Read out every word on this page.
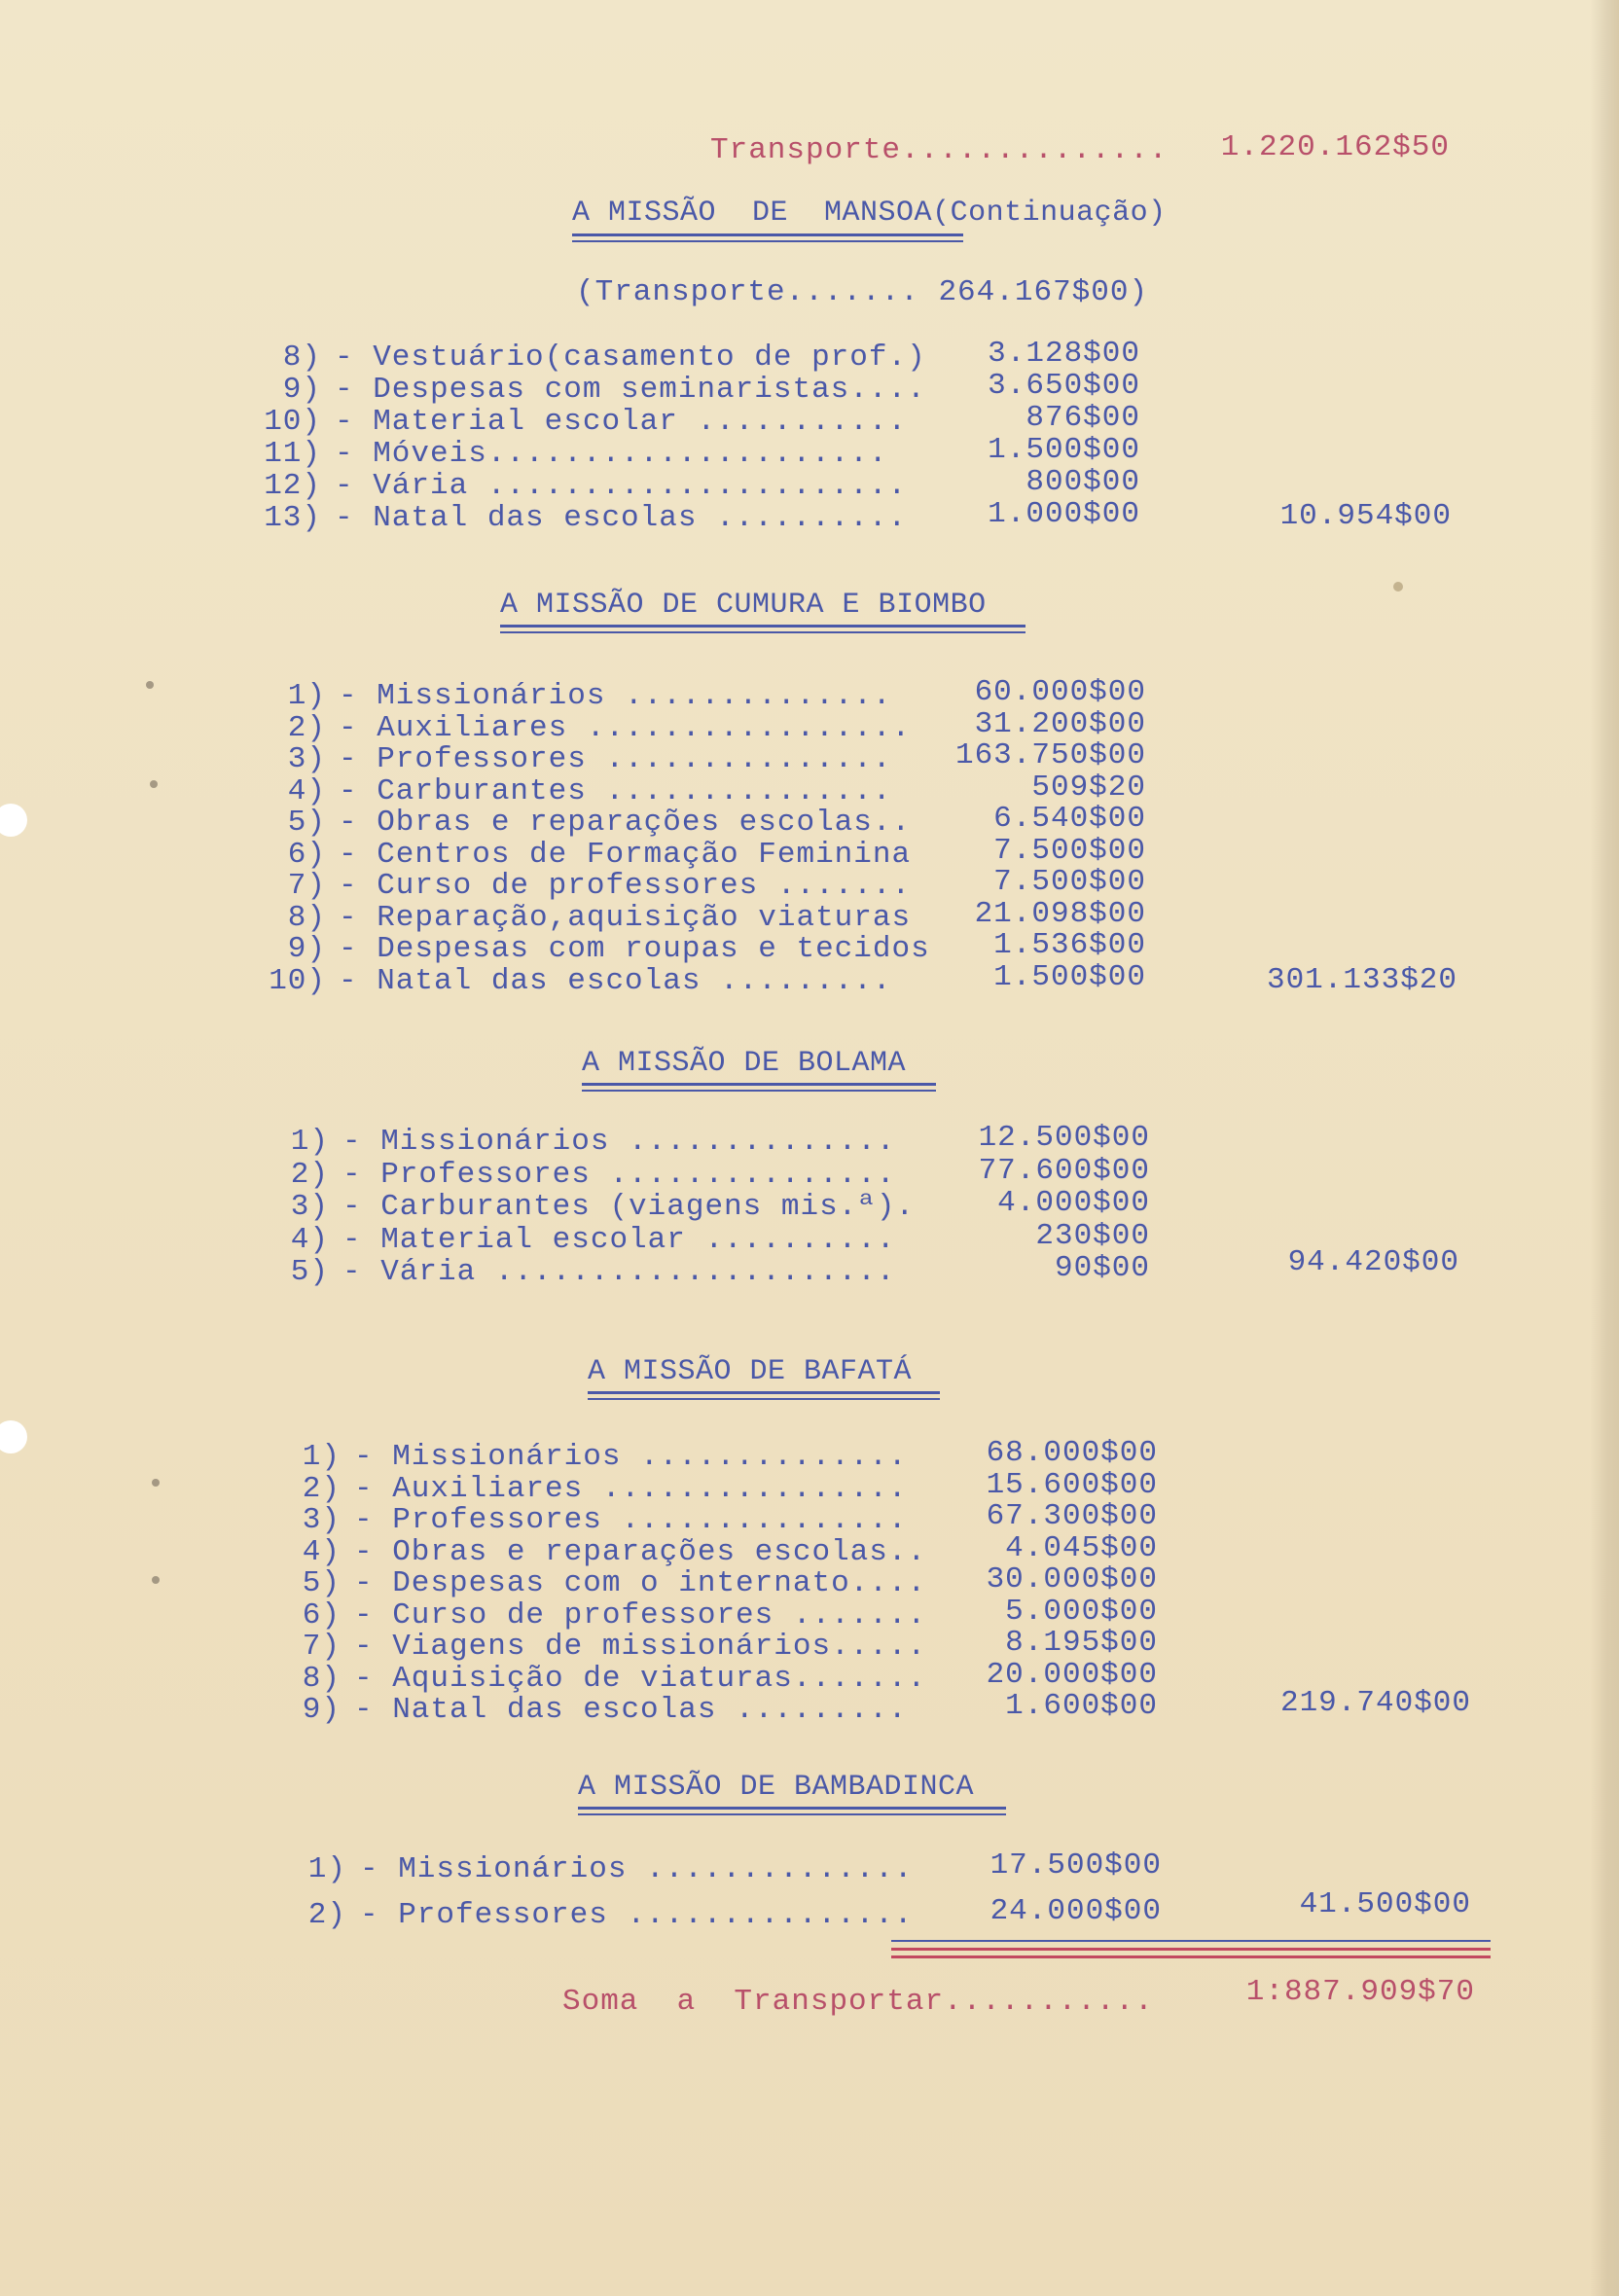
Transporte..............	1.220.162$50
A MISSÃO  DE  MANSOA(Continuação)
(Transporte....... 264.167$00)
8) - Vestuário(casamento de prof.)	3.128$00
9) - Despesas com seminaristas....	3.650$00
10) - Material escolar ...........	876$00
11) - Móveis.....................	1.500$00
12) - Vária ......................	800$00
13) - Natal das escolas ..........	1.000$00	10.954$00
A MISSÃO DE CUMURA E BIOMBO
1) - Missionários ..............	60.000$00
2) - Auxiliares .................	31.200$00
3) - Professores ...............	163.750$00
4) - Carburantes ...............	509$20
5) - Obras e reparações escolas..	6.540$00
6) - Centros de Formação Feminina	7.500$00
7) - Curso de professores .......	7.500$00
8) - Reparação,aquisição viaturas	21.098$00
9) - Despesas com roupas e tecidos	1.536$00
10) - Natal das escolas .........	1.500$00	301.133$20
A MISSÃO DE BOLAMA
1) - Missionários ..............	12.500$00
2) - Professores ...............	77.600$00
3) - Carburantes (viagens mis.ª).	4.000$00
4) - Material escolar ..........	230$00
5) - Vária .....................	90$00	94.420$00
A MISSÃO DE BAFATÁ
1) - Missionários ..............	68.000$00
2) - Auxiliares ................	15.600$00
3) - Professores ...............	67.300$00
4) - Obras e reparações escolas..	4.045$00
5) - Despesas com o internato....	30.000$00
6) - Curso de professores .......	5.000$00
7) - Viagens de missionários.....	8.195$00
8) - Aquisição de viaturas.......	20.000$00
9) - Natal das escolas .........	1.600$00	219.740$00
A MISSÃO DE BAMBADINCA
1) - Missionários ..............	17.500$00
2) - Professores ...............	24.000$00	41.500$00
Soma  a  Transportar...........	1:887.909$70
